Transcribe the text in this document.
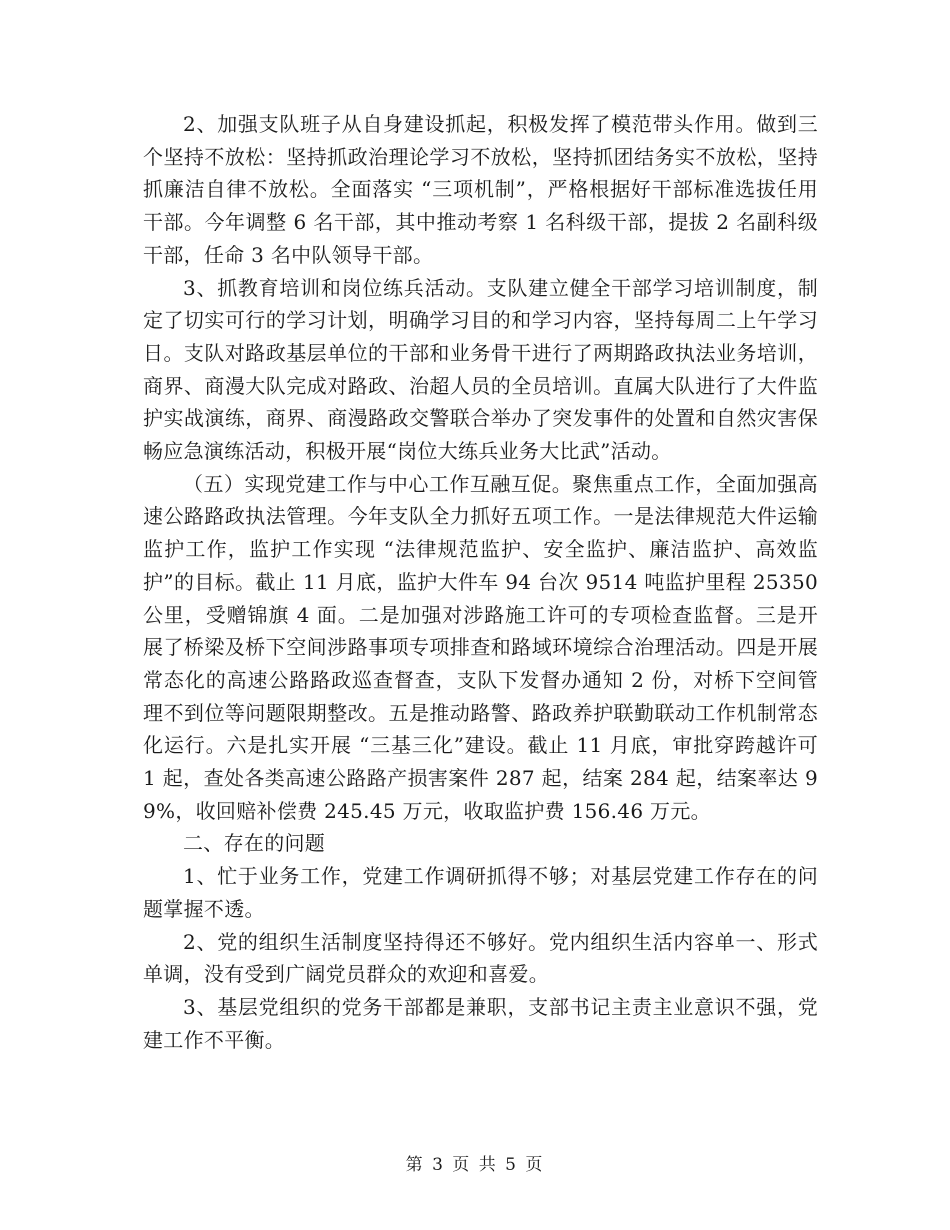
2、加强支队班子从自身建设抓起，积极发挥了模范带头作用。做到三个坚持不放松：坚持抓政治理论学习不放松，坚持抓团结务实不放松，坚持抓廉洁自律不放松。全面落实 “三项机制”，严格根据好干部标准选拔任用干部。今年调整 6 名干部，其中推动考察 1 名科级干部，提拔 2 名副科级干部，任命 3 名中队领导干部。

3、抓教育培训和岗位练兵活动。支队建立健全干部学习培训制度，制定了切实可行的学习计划，明确学习目的和学习内容，坚持每周二上午学习日。支队对路政基层单位的干部和业务骨干进行了两期路政执法业务培训，商界、商漫大队完成对路政、治超人员的全员培训。直属大队进行了大件监护实战演练，商界、商漫路政交警联合举办了突发事件的处置和自然灾害保畅应急演练活动，积极开展“岗位大练兵业务大比武”活动。

（五）实现党建工作与中心工作互融互促。聚焦重点工作，全面加强高速公路路政执法管理。今年支队全力抓好五项工作。一是法律规范大件运输监护工作，监护工作实现 “法律规范监护、安全监护、廉洁监护、高效监护”的目标。截止 11 月底，监护大件车 94 台次 9514 吨监护里程 25350 公里，受赠锦旗 4 面。二是加强对涉路施工许可的专项检查监督。三是开展了桥梁及桥下空间涉路事项专项排查和路域环境综合治理活动。四是开展常态化的高速公路路政巡查督查，支队下发督办通知 2 份，对桥下空间管理不到位等问题限期整改。五是推动路警、路政养护联勤联动工作机制常态化运行。六是扎实开展 “三基三化”建设。截止 11 月底，审批穿跨越许可 1 起，查处各类高速公路路产损害案件 287 起，结案 284 起，结案率达 99%，收回赔补偿费 245.45 万元，收取监护费 156.46 万元。

二、存在的问题

1、忙于业务工作，党建工作调研抓得不够；对基层党建工作存在的问题掌握不透。

2、党的组织生活制度坚持得还不够好。党内组织生活内容单一、形式单调，没有受到广阔党员群众的欢迎和喜爱。

3、基层党组织的党务干部都是兼职，支部书记主责主业意识不强，党建工作不平衡。

第 3 页 共 5 页
